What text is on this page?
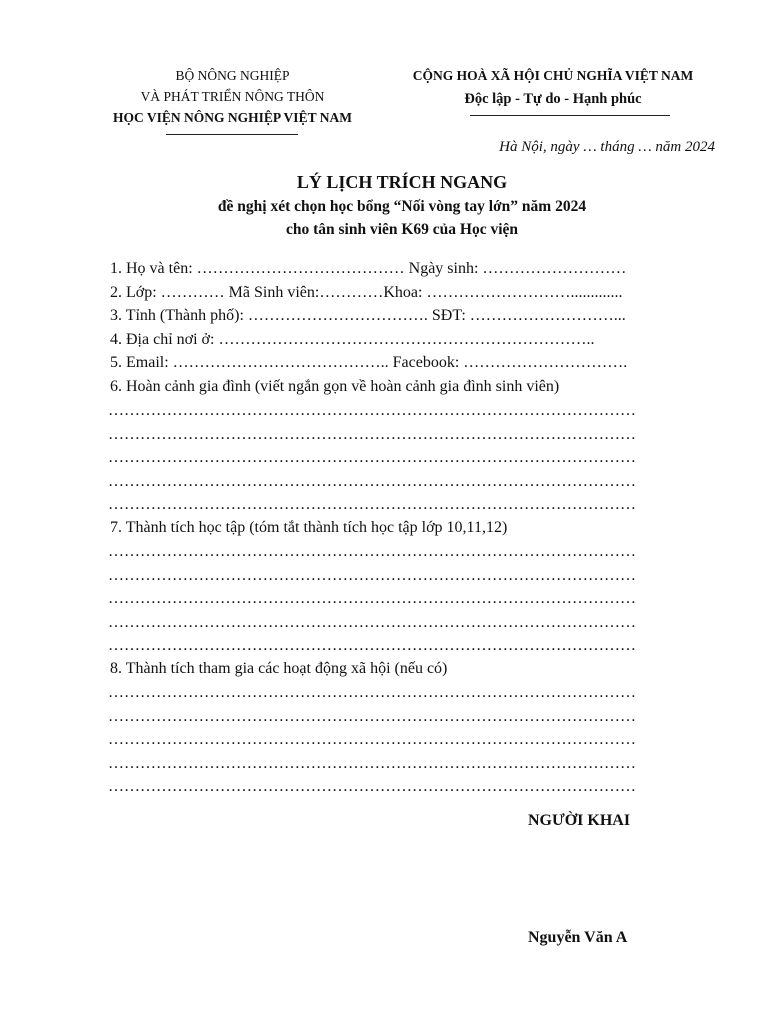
BỘ NÔNG NGHIỆP
VÀ PHÁT TRIỂN NÔNG THÔN
HỌC VIỆN NÔNG NGHIỆP VIỆT NAM
CỘNG HOÀ XÃ HỘI CHỦ NGHĨA VIỆT NAM
Độc lập - Tự do - Hạnh phúc
Hà Nội, ngày … tháng … năm 2024
LÝ LỊCH TRÍCH NGANG
đề nghị xét chọn học bổng “Nối vòng tay lớn” năm 2024
cho tân sinh viên K69 của Học viện
1. Họ và tên: ………………………………… Ngày sinh: ………………………
2. Lớp: ………… Mã Sinh viên:…………Khoa: ……………………….............
3. Tỉnh (Thành phố): ……………………………. SĐT: ………………………...
4. Địa chỉ nơi ở: ……………………………………………………………..
5. Email: ………………………………….. Facebook: ………………………….
6. Hoàn cảnh gia đình (viết ngắn gọn về hoàn cảnh gia đình sinh viên)
………………………………………………………………………………………
………………………………………………………………………………………
………………………………………………………………………………………
………………………………………………………………………………………
………………………………………………………………………………………
7. Thành tích học tập (tóm tắt thành tích học tập lớp 10,11,12)
………………………………………………………………………………………
………………………………………………………………………………………
………………………………………………………………………………………
………………………………………………………………………………………
………………………………………………………………………………………
8. Thành tích tham gia các hoạt động xã hội (nếu có)
………………………………………………………………………………………
………………………………………………………………………………………
………………………………………………………………………………………
………………………………………………………………………………………
………………………………………………………………………………………
NGƯỜI KHAI
Nguyễn Văn A
